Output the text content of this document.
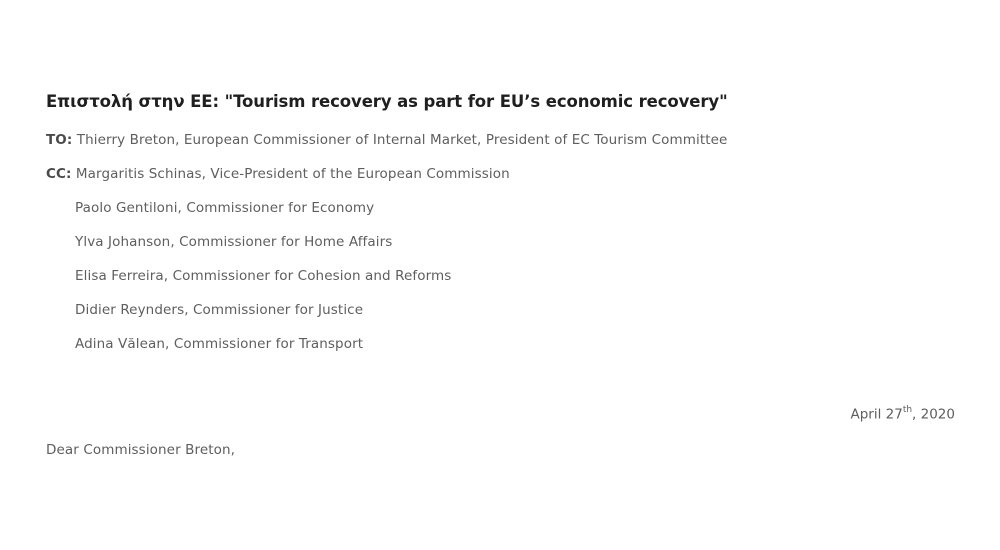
Επιστολή στην ΕΕ: "Tourism recovery as part for EU’s economic recovery"
TO: Thierry Breton, European Commissioner of Internal Market, President of EC Tourism Committee
CC: Margaritis Schinas, Vice-President of the European Commission
Paolo Gentiloni, Commissioner for Economy
Ylva Johanson, Commissioner for Home Affairs
Elisa Ferreira, Commissioner for Cohesion and Reforms
Didier Reynders, Commissioner for Justice
Adina Vălean, Commissioner for Transport
April 27th, 2020
Dear Commissioner Breton,
